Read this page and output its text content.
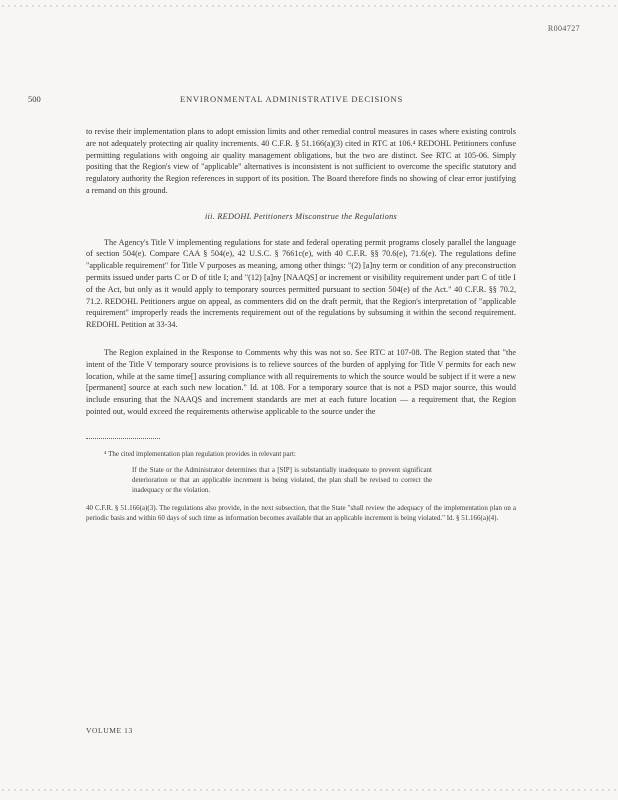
R004727
500	ENVIRONMENTAL ADMINISTRATIVE DECISIONS

to revise their implementation plans to adopt emission limits and other remedial control measures in cases where existing controls are not adequately protecting air quality increments. 40 C.F.R. § 51.166(a)(3) cited in RTC at 106.⁴ REDOHL Petitioners confuse permitting regulations with ongoing air quality management obligations, but the two are distinct. See RTC at 105-06. Simply positing that the Region's view of "applicable" alternatives is inconsistent is not sufficient to overcome the specific statutory and regulatory authority the Region references in support of its position. The Board therefore finds no showing of clear error justifying a remand on this ground.

iii. REDOHL Petitioners Misconstrue the Regulations

The Agency's Title V implementing regulations for state and federal operating permit programs closely parallel the language of section 504(e). Compare CAA § 504(e), 42 U.S.C. § 7661c(e), with 40 C.F.R. §§ 70.6(e), 71.6(e). The regulations define "applicable requirement" for Title V purposes as meaning, among other things: "(2) [a]ny term or condition of any preconstruction permits issued under parts C or D of title I; and "(12) [a]ny [NAAQS] or increment or visibility requirement under part C of title I of the Act, but only as it would apply to temporary sources permitted pursuant to section 504(e) of the Act." 40 C.F.R. §§ 70.2, 71.2. REDOHL Petitioners argue on appeal, as commenters did on the draft permit, that the Region's interpretation of "applicable requirement" improperly reads the increments requirement out of the regulations by subsuming it within the second requirement. REDOHL Petition at 33-34.

The Region explained in the Response to Comments why this was not so. See RTC at 107-08. The Region stated that "the intent of the Title V temporary source provisions is to relieve sources of the burden of applying for Title V permits for each new location, while at the same time[] assuring compliance with all requirements to which the source would be subject if it were a new [permanent] source at each such new location." Id. at 108. For a temporary source that is not a PSD major source, this would include ensuring that the NAAQS and increment standards are met at each future location — a requirement that, the Region pointed out, would exceed the requirements otherwise applicable to the source under the

⁴ The cited implementation plan regulation provides in relevant part:
If the State or the Administrator determines that a [SIP] is substantially inadequate to prevent significant deterioration or that an applicable increment is being violated, the plan shall be revised to correct the inadequacy or the violation.
40 C.F.R. § 51.166(a)(3). The regulations also provide, in the next subsection, that the State "shall review the adequacy of the implementation plan on a periodic basis and within 60 days of such time as information becomes available that an applicable increment is being violated." Id. § 51.166(a)(4).
VOLUME 13
